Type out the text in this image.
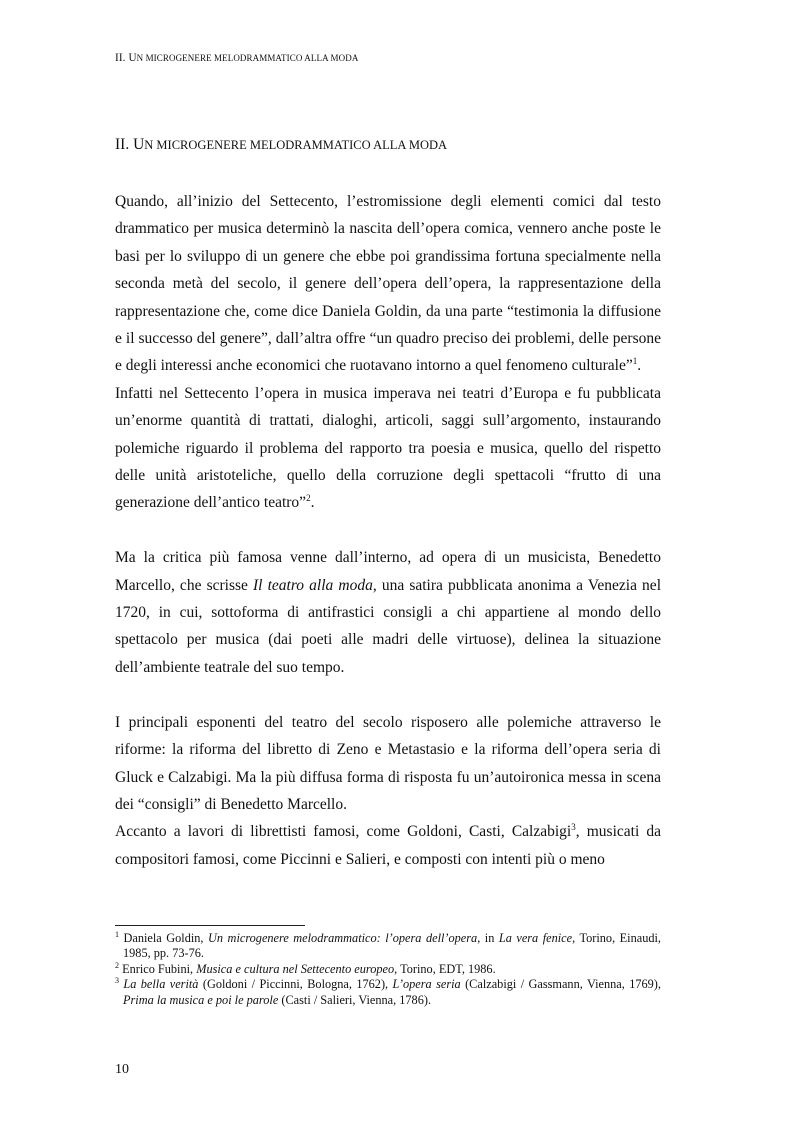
II. UN MICROGENERE MELODRAMMATICO ALLA MODA
II. UN MICROGENERE MELODRAMMATICO ALLA MODA

Quando, all’inizio del Settecento, l’estromissione degli elementi comici dal testo drammatico per musica determinò la nascita dell’opera comica, vennero anche poste le basi per lo sviluppo di un genere che ebbe poi grandissima fortuna specialmente nella seconda metà del secolo, il genere dell’opera dell’opera, la rappresentazione della rappresentazione che, come dice Daniela Goldin, da una parte “testimonia la diffusione e il successo del genere”, dall’altra offre “un quadro preciso dei problemi, delle persone e degli interessi anche economici che ruotavano intorno a quel fenomeno culturale”$^1$.

Infatti nel Settecento l’opera in musica imperava nei teatri d’Europa e fu pubblicata un’enorme quantità di trattati, dialoghi, articoli, saggi sull’argomento, instaurando polemiche riguardo il problema del rapporto tra poesia e musica, quello del rispetto delle unità aristoteliche, quello della corruzione degli spettacoli “frutto di una generazione dell’antico teatro”$^2$.

Ma la critica più famosa venne dall’interno, ad opera di un musicista, Benedetto Marcello, che scrisse Il teatro alla moda, una satira pubblicata anonima a Venezia nel 1720, in cui, sottoforma di antifrastici consigli a chi appartiene al mondo dello spettacolo per musica (dai poeti alle madri delle virtuose), delinea la situazione dell’ambiente teatrale del suo tempo.

I principali esponenti del teatro del secolo risposero alle polemiche attraverso le riforme: la riforma del libretto di Zeno e Metastasio e la riforma dell’opera seria di Gluck e Calzabigi. Ma la più diffusa forma di risposta fu un’autoironica messa in scena dei “consigli” di Benedetto Marcello.

Accanto a lavori di librettisti famosi, come Goldoni, Casti, Calzabigi$^3$, musicati da compositori famosi, come Piccinni e Salieri, e composti con intenti più o meno

$^1$ Daniela Goldin, Un microgenere melodrammatico: l’opera dell’opera, in La vera fenice, Torino, Einaudi, 1985, pp. 73-76.

$^2$ Enrico Fubini, Musica e cultura nel Settecento europeo, Torino, EDT, 1986.

$^3$ La bella verità (Goldoni / Piccinni, Bologna, 1762), L’opera seria (Calzabigi / Gassmann, Vienna, 1769), Prima la musica e poi le parole (Casti / Salieri, Vienna, 1786).

10
